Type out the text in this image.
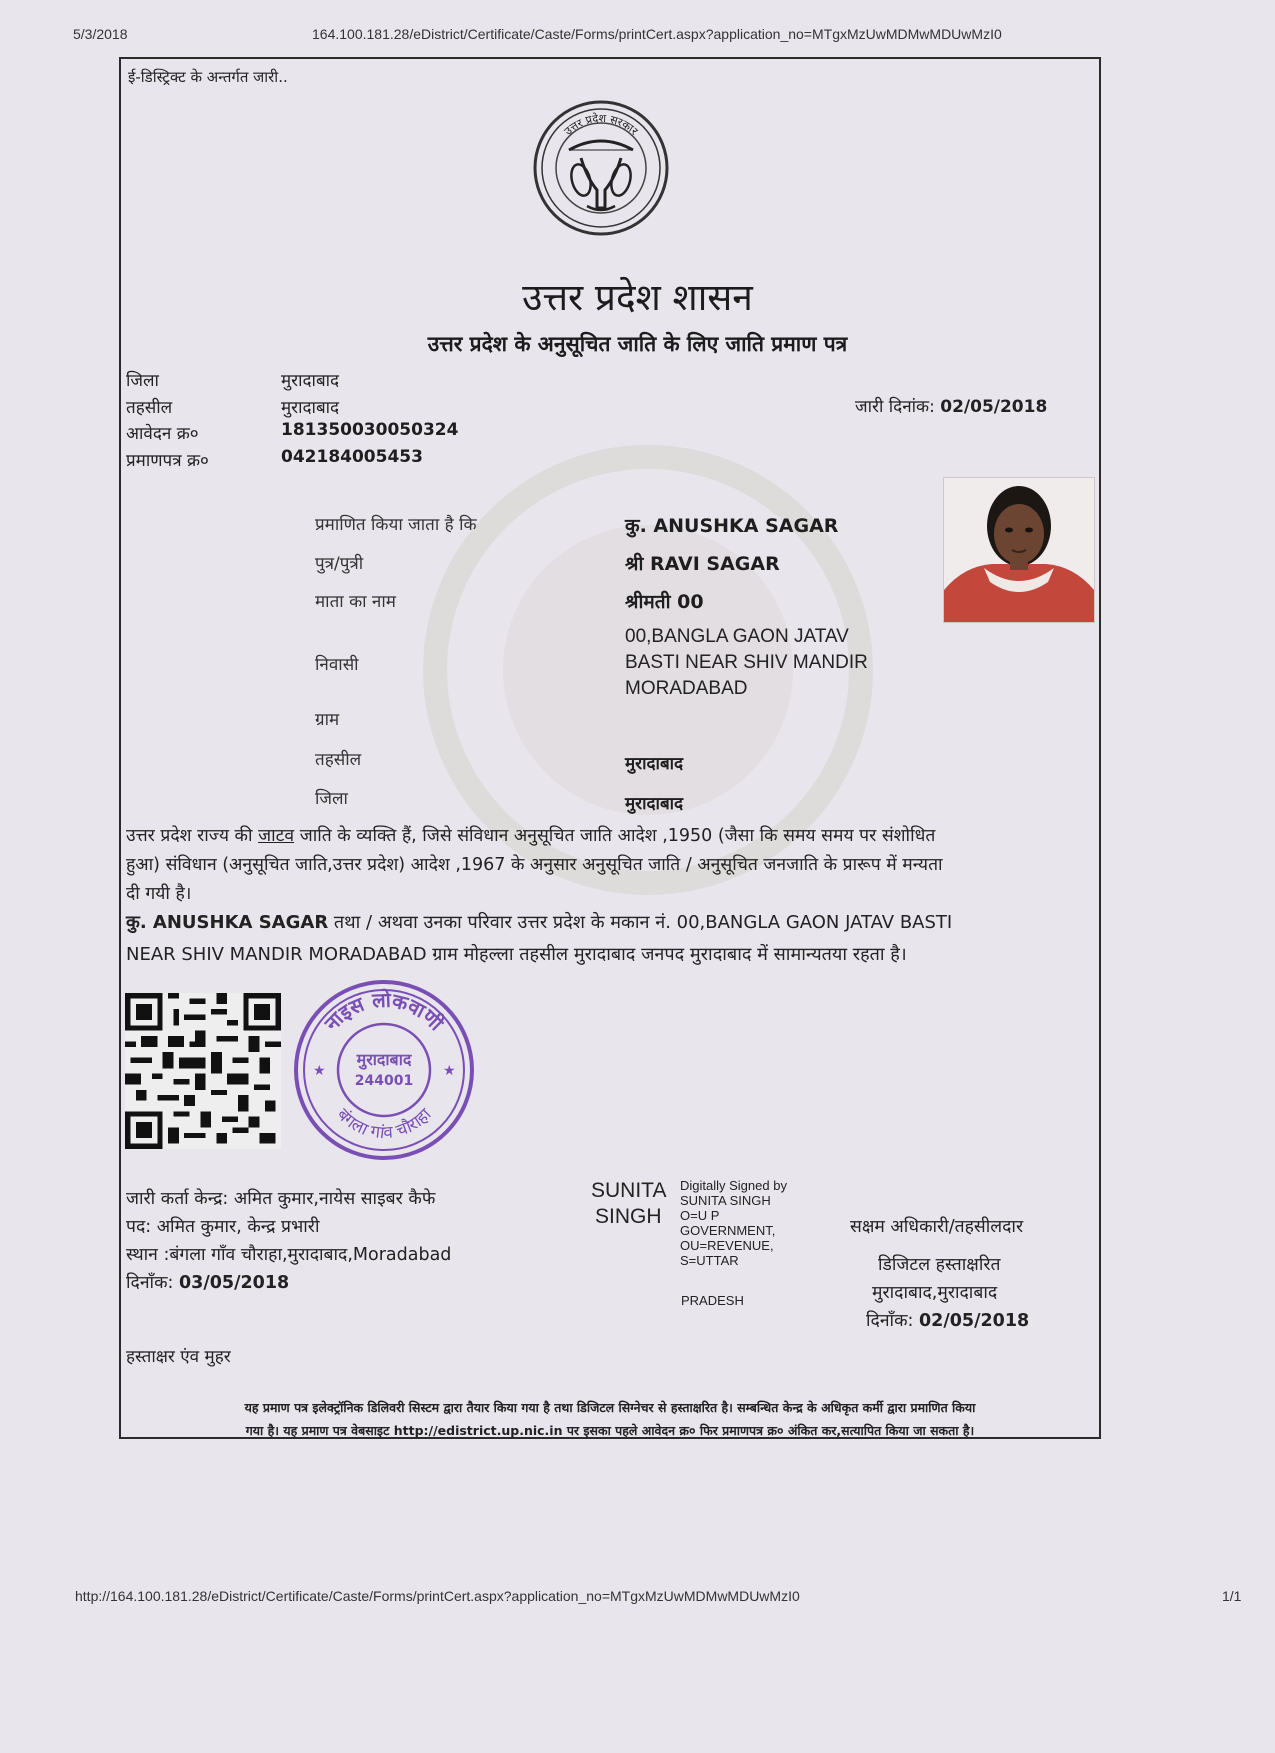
5/3/2018	164.100.181.28/eDistrict/Certificate/Caste/Forms/printCert.aspx?application_no=MTgxMzUwMDMwMDUwMzI0
ई-डिस्ट्रिक्ट के अन्तर्गत जारी..
उत्तर प्रदेश सरकार
उत्तर प्रदेश शासन
उत्तर प्रदेश के अनुसूचित जाति के लिए जाति प्रमाण पत्र
जिला	मुरादाबाद
तहसील	मुरादाबाद
आवेदन क्र०	181350030050324
प्रमाणपत्र क्र०	042184005453
जारी दिनांक: 02/05/2018
प्रमाणित किया जाता है कि	कु. ANUSHKA SAGAR
पुत्र/पुत्री	श्री RAVI SAGAR
माता का नाम	श्रीमती 00
00,BANGLA GAON JATAV
निवासी	BASTI NEAR SHIV MANDIR
MORADABAD
ग्राम
तहसील	मुरादाबाद
जिला	मुरादाबाद
उत्तर प्रदेश राज्य की जाटव जाति के व्यक्ति हैं, जिसे संविधान अनुसूचित जाति आदेश ,1950 (जैसा कि समय समय पर संशोधित
हुआ) संविधान (अनुसूचित जाति,उत्तर प्रदेश) आदेश ,1967 के अनुसार अनुसूचित जाति / अनुसूचित जनजाति के प्रारूप में मन्यता
दी गयी है।
कु. ANUSHKA SAGAR तथा / अथवा उनका परिवार उत्तर प्रदेश के मकान नं. 00,BANGLA GAON JATAV BASTI
NEAR SHIV MANDIR MORADABAD ग्राम मोहल्ला तहसील मुरादाबाद जनपद मुरादाबाद में सामान्यतया रहता है।
नाइस लोकवाणी
बंगला गांव चौराहा
मुरादाबाद
244001
★	★
जारी कर्ता केन्द्र: अमित कुमार,नायेस साइबर कैफे
पद: अमित कुमार, केन्द्र प्रभारी
स्थान :बंगला गाँव चौराहा,मुरादाबाद,Moradabad
दिनाँक: 03/05/2018
SUNITA
SINGH
Digitally Signed by
SUNITA SINGH
O=U P
GOVERNMENT,
OU=REVENUE,
S=UTTAR
PRADESH
सक्षम अधिकारी/तहसीलदार
डिजिटल हस्ताक्षरित
मुरादाबाद,मुरादाबाद
दिनाँक: 02/05/2018
हस्ताक्षर एंव मुहर
यह प्रमाण पत्र इलेक्ट्रॉनिक डिलिवरी सिस्टम द्वारा तैयार किया गया है तथा डिजिटल सिग्नेचर से हस्ताक्षरित है। सम्बन्धित केन्द्र के अधिकृत कर्मी द्वारा प्रमाणित किया
गया है। यह प्रमाण पत्र वेबसाइट http://edistrict.up.nic.in पर इसका पहले आवेदन क्र० फिर प्रमाणपत्र क्र० अंकित कर,सत्यापित किया जा सकता है।
http://164.100.181.28/eDistrict/Certificate/Caste/Forms/printCert.aspx?application_no=MTgxMzUwMDMwMDUwMzI0	1/1
